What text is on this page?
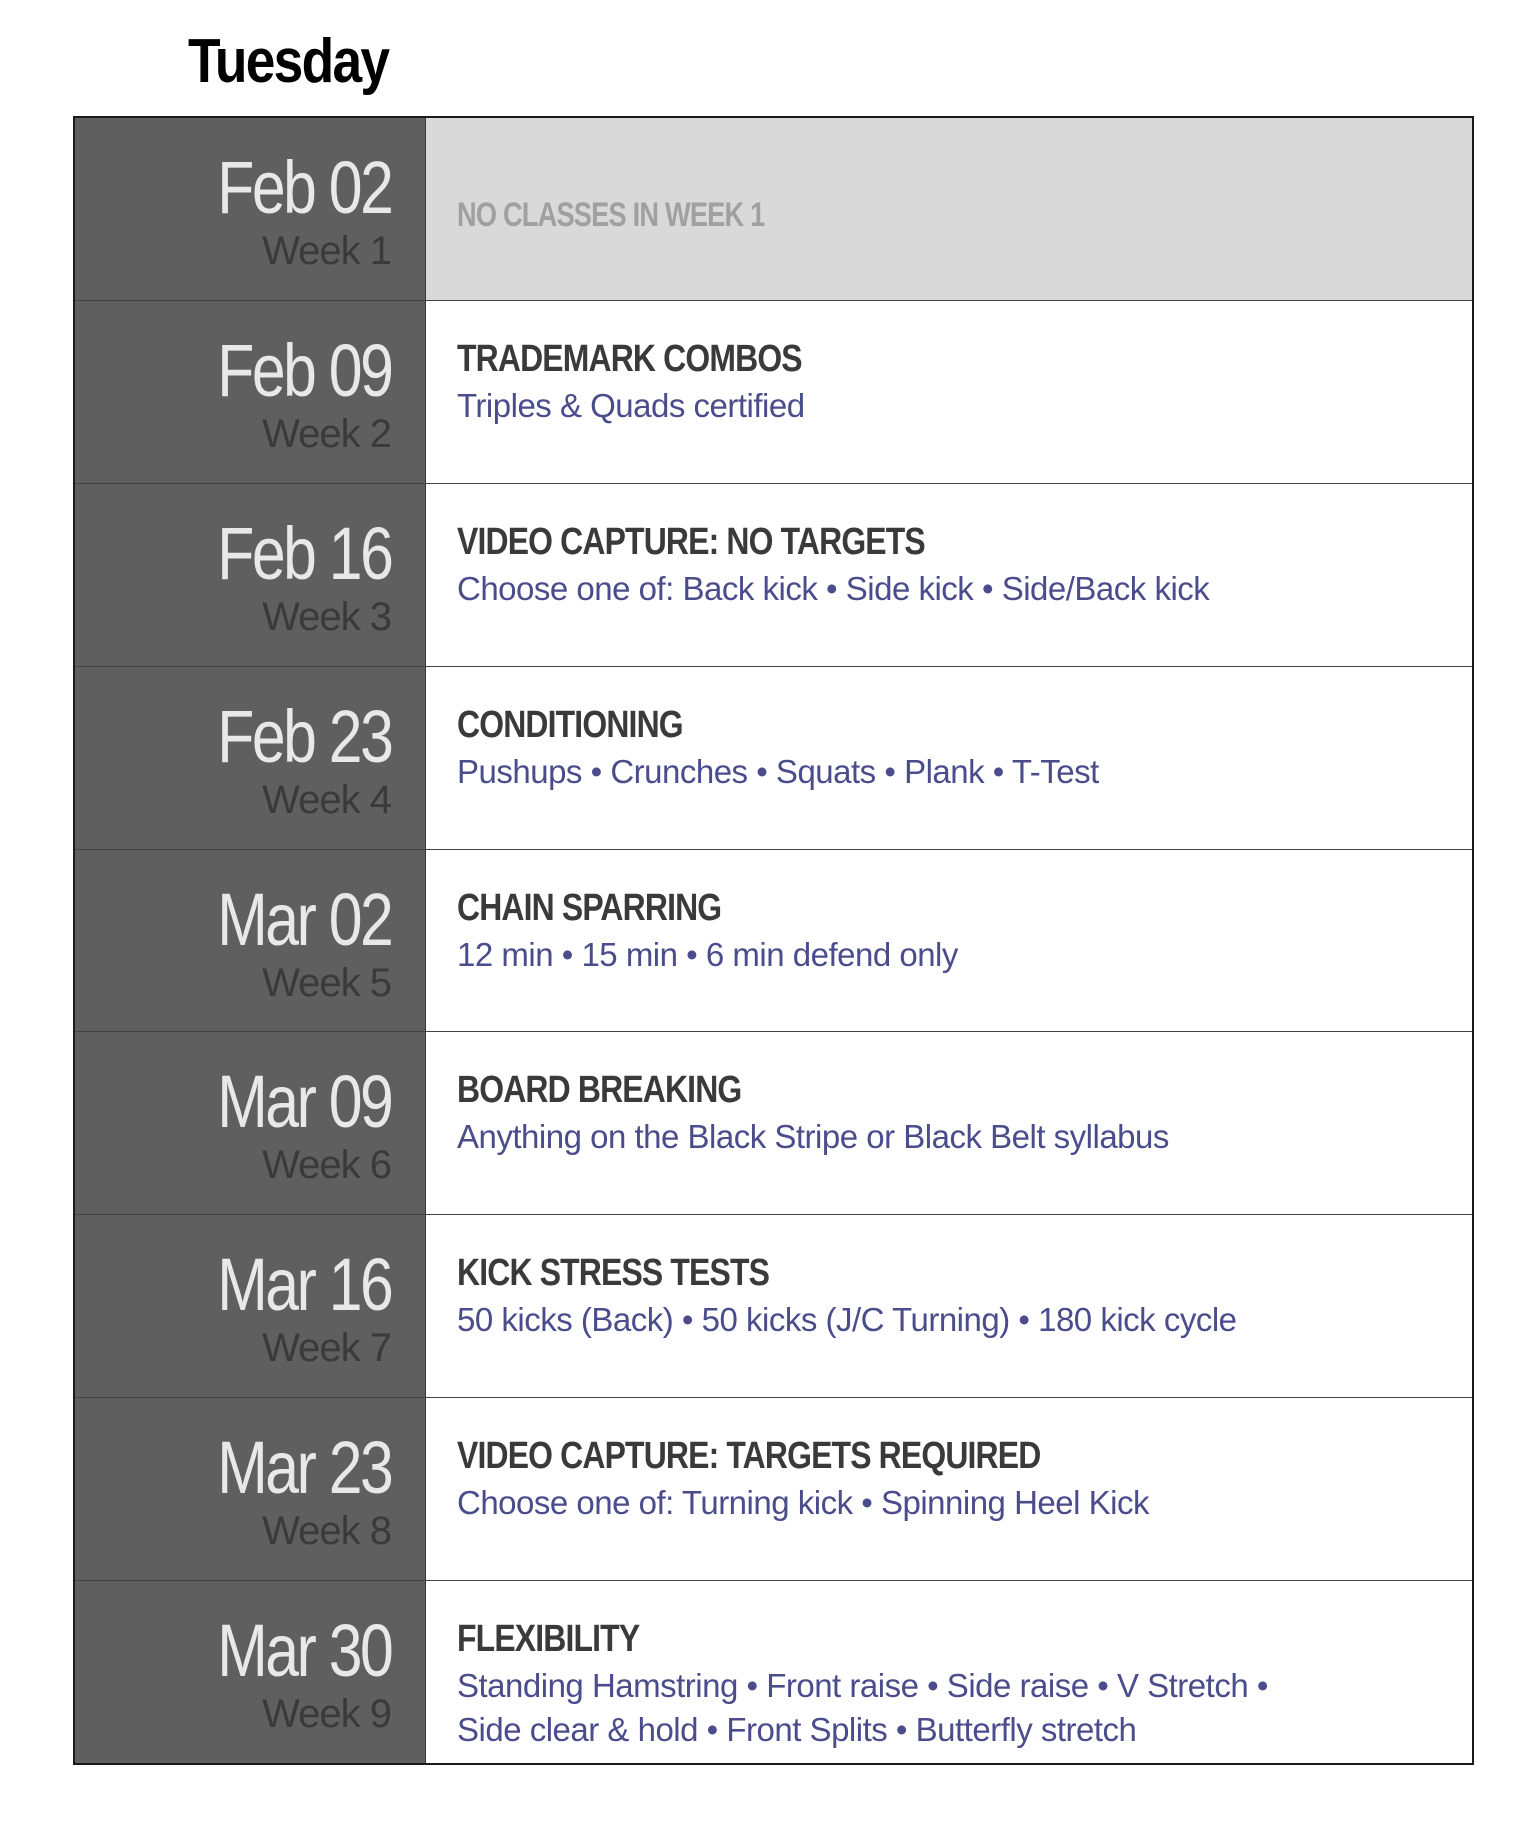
Tuesday
Feb 02
Week 1
NO CLASSES IN WEEK 1
Feb 09
Week 2
TRADEMARK COMBOS
Triples & Quads certified
Feb 16
Week 3
VIDEO CAPTURE: NO TARGETS
Choose one of: Back kick • Side kick • Side/Back kick
Feb 23
Week 4
CONDITIONING
Pushups • Crunches • Squats • Plank • T-Test
Mar 02
Week 5
CHAIN SPARRING
12 min • 15 min • 6 min defend only
Mar 09
Week 6
BOARD BREAKING
Anything on the Black Stripe or Black Belt syllabus
Mar 16
Week 7
KICK STRESS TESTS
50 kicks (Back) • 50 kicks (J/C Turning) • 180 kick cycle
Mar 23
Week 8
VIDEO CAPTURE: TARGETS REQUIRED
Choose one of: Turning kick • Spinning Heel Kick
Mar 30
Week 9
FLEXIBILITY
Standing Hamstring • Front raise • Side raise • V Stretch •
Side clear & hold • Front Splits • Butterfly stretch
